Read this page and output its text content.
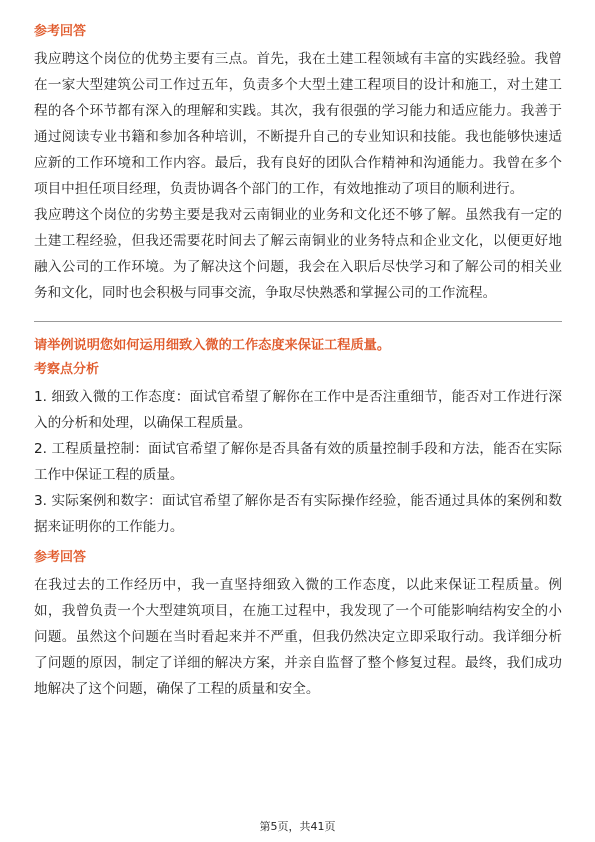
参考回答

我应聘这个岗位的优势主要有三点。首先，我在土建工程领域有丰富的实践经验。我曾在一家大型建筑公司工作过五年，负责多个大型土建工程项目的设计和施工，对土建工程的各个环节都有深入的理解和实践。其次，我有很强的学习能力和适应能力。我善于通过阅读专业书籍和参加各种培训，不断提升自己的专业知识和技能。我也能够快速适应新的工作环境和工作内容。最后，我有良好的团队合作精神和沟通能力。我曾在多个项目中担任项目经理，负责协调各个部门的工作，有效地推动了项目的顺利进行。

我应聘这个岗位的劣势主要是我对云南铜业的业务和文化还不够了解。虽然我有一定的土建工程经验，但我还需要花时间去了解云南铜业的业务特点和企业文化，以便更好地融入公司的工作环境。为了解决这个问题，我会在入职后尽快学习和了解公司的相关业务和文化，同时也会积极与同事交流，争取尽快熟悉和掌握公司的工作流程。

请举例说明您如何运用细致入微的工作态度来保证工程质量。
考察点分析

1. 细致入微的工作态度：面试官希望了解你在工作中是否注重细节，能否对工作进行深入的分析和处理，以确保工程质量。

2. 工程质量控制：面试官希望了解你是否具备有效的质量控制手段和方法，能否在实际工作中保证工程的质量。

3. 实际案例和数字：面试官希望了解你是否有实际操作经验，能否通过具体的案例和数据来证明你的工作能力。

参考回答

在我过去的工作经历中，我一直坚持细致入微的工作态度，以此来保证工程质量。例如，我曾负责一个大型建筑项目，在施工过程中，我发现了一个可能影响结构安全的小问题。虽然这个问题在当时看起来并不严重，但我仍然决定立即采取行动。我详细分析了问题的原因，制定了详细的解决方案，并亲自监督了整个修复过程。最终，我们成功地解决了这个问题，确保了工程的质量和安全。

第5页，共41页
